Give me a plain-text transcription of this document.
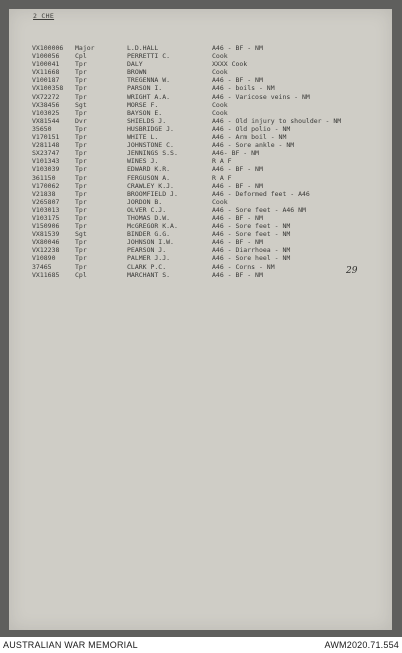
2 CHE
VX100006 Major	L.D.HALL	A46 - BF - NM
V100056 Cpl	PERRETTI C.	Cook
V100041 Tpr	DALY	XXXX Cook
VX11668 Tpr	BROWN	Cook
V100187 Tpr	TREGENNA W.	A46 - BF - NM
VX100358 Tpr	PARSON I.	A46 - boils - NM
VX72272 Tpr	WRIGHT A.A.	A46 - Varicose veins - NM
VX38456 Sgt	MORSE F.	Cook
V103025 Tpr	BAYSON E.	Cook
VX81544 Dvr	SHIELDS J.	A46 - Old injury to shoulder - NM
35650	Tpr	HUSBRIDGE J.	A46 - Old polio - NM
V170151 Tpr	WHITE L.	A46 - Arm boil - NM
V281148 Tpr	JOHNSTONE C.	A46 - Sore ankle - NM
SX23747 Tpr	JENNINGS S.S.	A46- BF - NM
V101343 Tpr	WINES J.	R A F
V103039 Tpr	EDWARD K.R.	A46 - BF - NM
361150	Tpr	FERGUSON A.	R A F
V170062 Tpr	CRAWLEY K.J.	A46 - BF - NM
V21838	Tpr	BROOMFIELD J.	A46 - Deformed feet - A46
V265807 Tpr	JORDON B.	Cook
V103013 Tpr	OLVER C.J.	A46 - Sore feet - A46 NM
V103175 Tpr	THOMAS D.W.	A46 - BF - NM
V150906 Tpr	McGREGOR K.A.	A46 - Sore feet - NM
VX81539 Sgt	BINDER G.G.	A46 - Sore feet - NM
VX80046 Tpr	JOHNSON I.W.	A46 - BF - NM
VX12238 Tpr	PEARSON J.	A46 - Diarrhoea - NM
V10890	Tpr	PALMER J.J.	A46 - Sore heel - NM
37465	Tpr	CLARK P.C.	A46 - Corns - NM
VX11685 Cpl	MARCHANT S.	A46 - BF - NM	29
AUSTRALIAN WAR MEMORIAL	AWM2020.71.554
